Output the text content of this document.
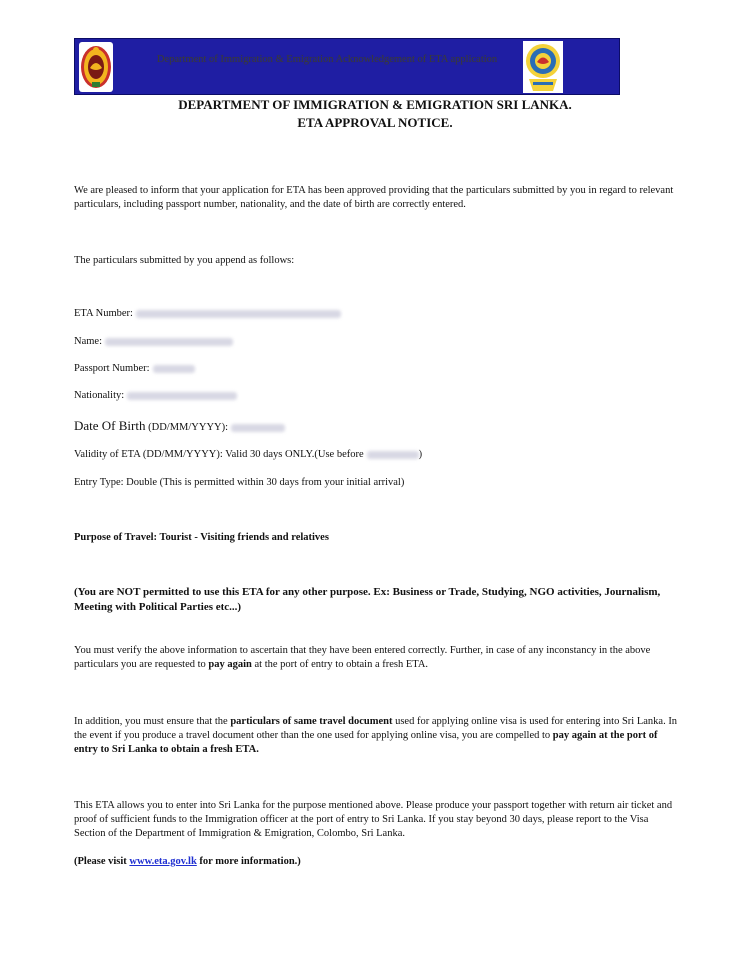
Department of Immigration & Emigration Acknowledgement of ETA application
DEPARTMENT OF IMMIGRATION & EMIGRATION SRI LANKA.
ETA APPROVAL NOTICE.
We are pleased to inform that your application for ETA has been approved providing that the particulars submitted by you in regard to relevant particulars, including passport number, nationality, and the date of birth are correctly entered.
The particulars submitted by you append as follows:
ETA Number:
Name:
Passport Number:
Nationality:
Date Of Birth (DD/MM/YYYY):
Validity of ETA (DD/MM/YYYY): Valid 30 days ONLY.(Use before	)
Entry Type: Double (This is permitted within 30 days from your initial arrival)
Purpose of Travel: Tourist - Visiting friends and relatives
(You are NOT permitted to use this ETA for any other purpose. Ex: Business or Trade, Studying, NGO activities, Journalism, Meeting with Political Parties etc...)
You must verify the above information to ascertain that they have been entered correctly. Further, in case of any inconstancy in the above particulars you are requested to pay again at the port of entry to obtain a fresh ETA.
In addition, you must ensure that the particulars of same travel document used for applying online visa is used for entering into Sri Lanka. In the event if you produce a travel document other than the one used for applying online visa, you are compelled to pay again at the port of entry to Sri Lanka to obtain a fresh ETA.
This ETA allows you to enter into Sri Lanka for the purpose mentioned above. Please produce your passport together with return air ticket and proof of sufficient funds to the Immigration officer at the port of entry to Sri Lanka. If you stay beyond 30 days, please report to the Visa Section of the Department of Immigration & Emigration, Colombo, Sri Lanka.
(Please visit www.eta.gov.lk for more information.)
